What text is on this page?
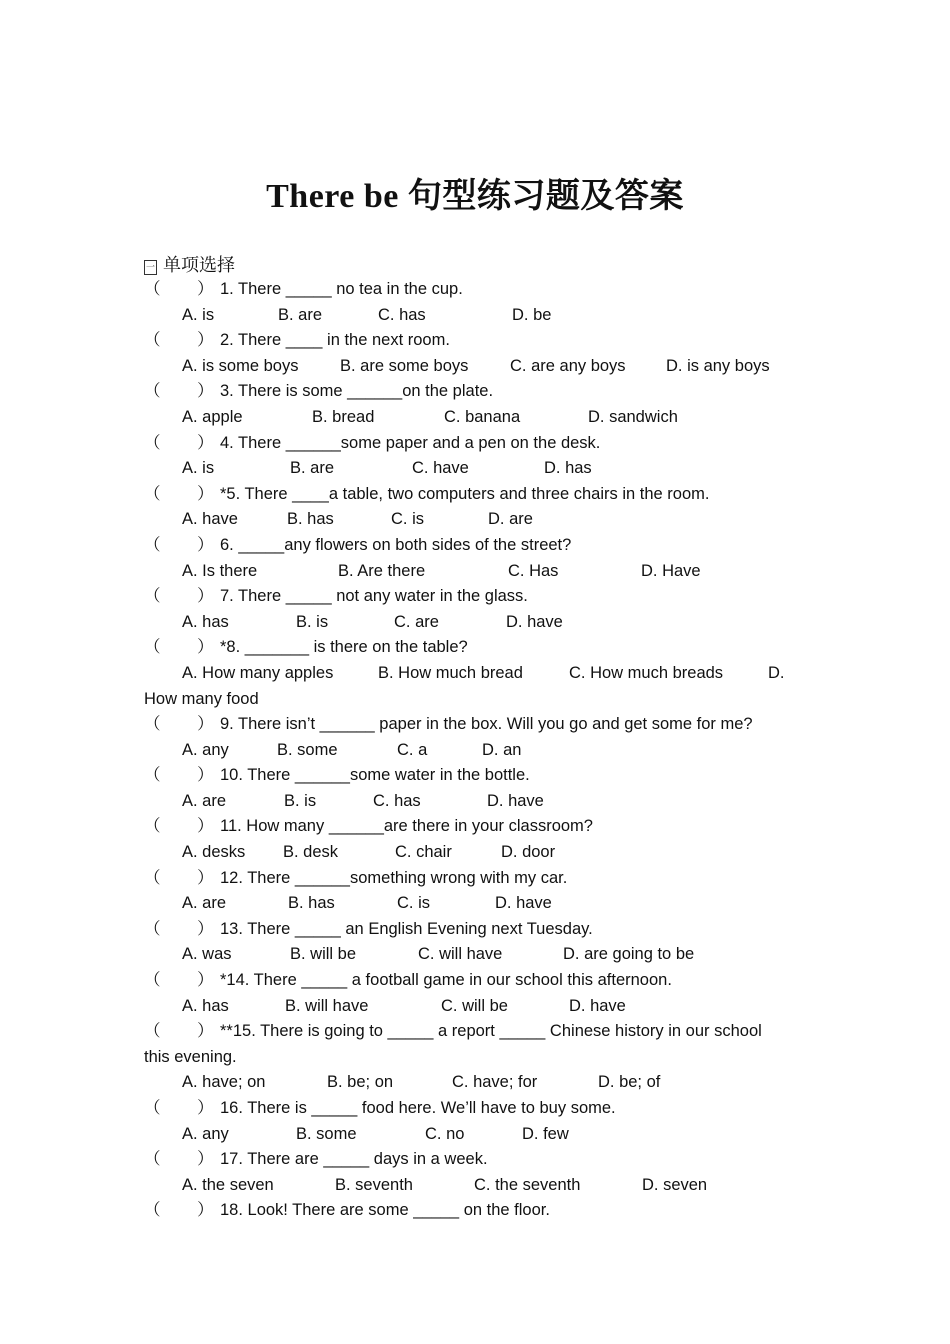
There be 句型练习题及答案
一 单项选择
（        ） 1. There _____ no tea in the cup.
A. is	B. are	C. has	D. be
（        ） 2. There ____ in the next room.
A. is some boys	B. are some boys	C. are any boys D. is any boys
（        ） 3. There is some ______on the plate.
A. apple	B. bread	C. banana	D. sandwich
（        ） 4. There ______some paper and a pen on the desk.
A. is	B. are	C. have	D. has
（        ） *5. There ____a table, two computers and three chairs in the room.
A. have	B. has	C. is	D. are
（        ） 6. _____any flowers on both sides of the street?
A. Is there	B. Are there	C. Has	D. Have
（        ） 7. There _____ not any water in the glass.
A. has	B. is	C. are	D. have
（        ） *8. _______ is there on the table?
A. How many apples	B. How much bread	C. How much breads	D.
How many food
（        ） 9. There isn’t ______ paper in the box. Will you go and get some for me?
A. any	B. some	C. a	D. an
（        ） 10. There ______some water in the bottle.
A. are	B. is	C. has	D. have
（        ） 11. How many ______are there in your classroom?
A. desks B. desk	C. chair	D. door
（        ） 12. There ______something wrong with my car.
A. are	B. has	C. is	D. have
（        ） 13. There _____ an English Evening next Tuesday.
A. was	B. will be	C. will have	D. are going to be
（        ） *14. There _____ a football game in our school this afternoon.
A. has	B. will have	C. will be	D. have
（        ） **15. There is going to _____ a report _____ Chinese history in our school
this evening.
A. have; on	B. be; on	C. have; for	D. be; of
（        ） 16. There is _____ food here. We’ll have to buy some.
A. any	B. some	C. no	D. few
（        ） 17. There are _____ days in a week.
A. the seven	B. seventh	C. the seventh	D. seven
（        ） 18. Look! There are some _____ on the floor.
